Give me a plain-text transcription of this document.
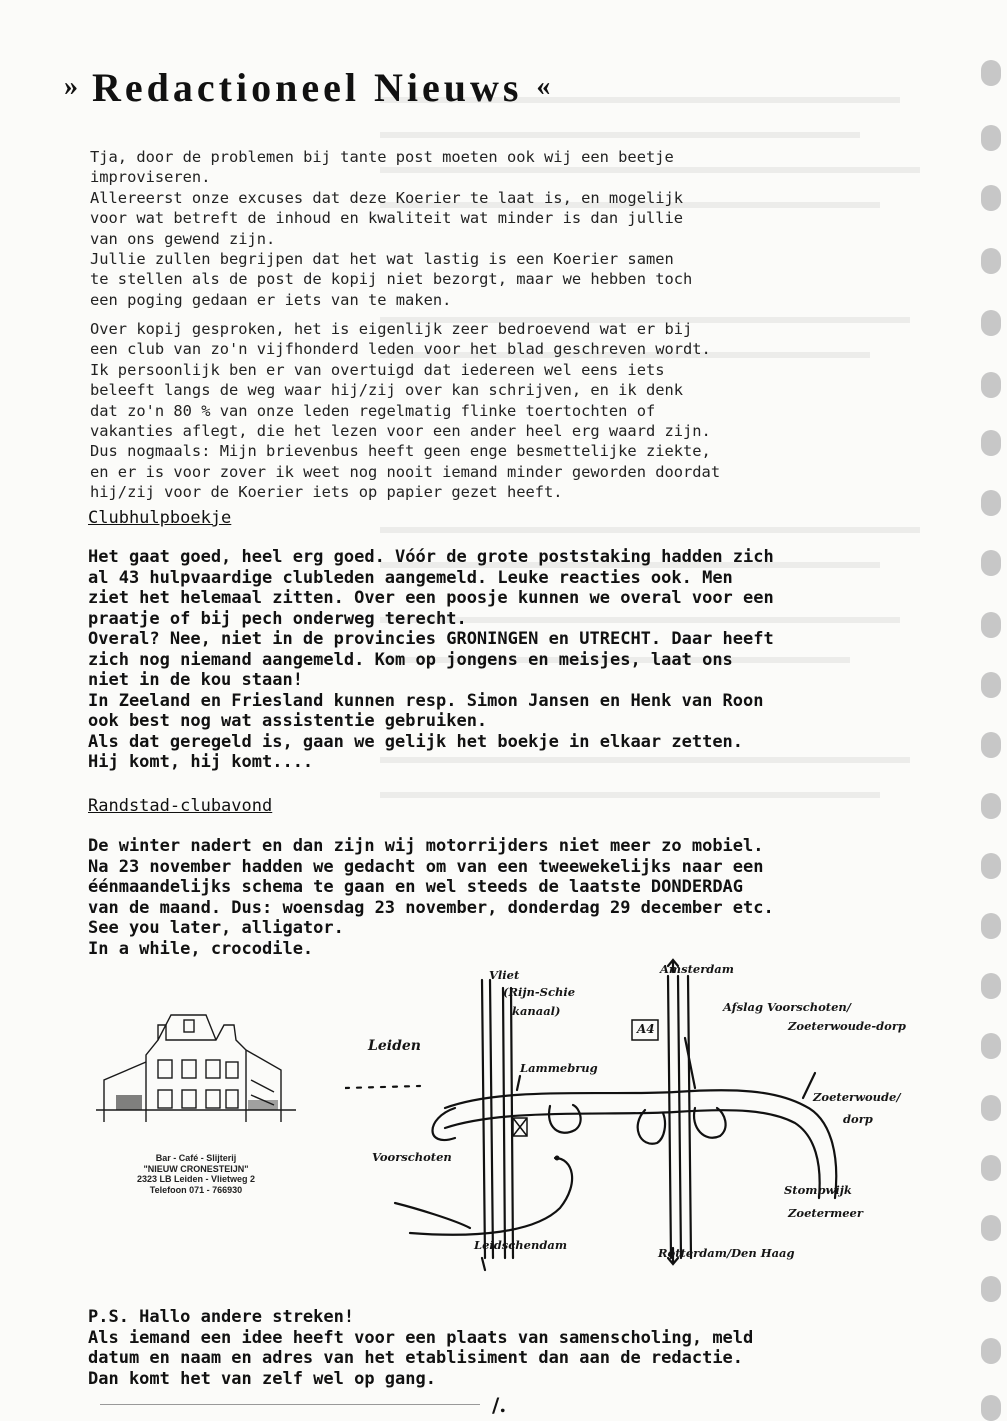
» Redactioneel Nieuws «
Tja, door de problemen bij tante post moeten ook wij een beetje
improviseren.
Allereerst onze excuses dat deze Koerier te laat is, en mogelijk
voor wat betreft de inhoud en kwaliteit wat minder is dan jullie
van ons gewend zijn.
Jullie zullen begrijpen dat het wat lastig is een Koerier samen
te stellen als de post de kopij niet bezorgt, maar we hebben toch
een poging gedaan er iets van te maken.
Over kopij gesproken, het is eigenlijk zeer bedroevend wat er bij
een club van zo'n vijfhonderd leden voor het blad geschreven wordt.
Ik persoonlijk ben er van overtuigd dat iedereen wel eens iets
beleeft langs de weg waar hij/zij over kan schrijven, en ik denk
dat zo'n 80 % van onze leden regelmatig flinke toertochten of
vakanties aflegt, die het lezen voor een ander heel erg waard zijn.
Dus nogmaals: Mijn brievenbus heeft geen enge besmettelijke ziekte,
en er is voor zover ik weet nog nooit iemand minder geworden doordat
hij/zij voor de Koerier iets op papier gezet heeft.
Clubhulpboekje
Het gaat goed, heel erg goed. Vóór de grote poststaking hadden zich
al 43 hulpvaardige clubleden aangemeld. Leuke reacties ook. Men
ziet het helemaal zitten. Over een poosje kunnen we overal voor een
praatje of bij pech onderweg terecht.
Overal? Nee, niet in de provincies GRONINGEN en UTRECHT. Daar heeft
zich nog niemand aangemeld. Kom op jongens en meisjes, laat ons
niet in de kou staan!
In Zeeland en Friesland kunnen resp. Simon Jansen en Henk van Roon
ook best nog wat assistentie gebruiken.
Als dat geregeld is, gaan we gelijk het boekje in elkaar zetten.
Hij komt, hij komt....
Randstad-clubavond
De winter nadert en dan zijn wij motorrijders niet meer zo mobiel.
Na 23 november hadden we gedacht om van een tweewekelijks naar een
éénmaandelijks schema te gaan en wel steeds de laatste DONDERDAG
van de maand. Dus: woensdag 23 november, donderdag 29 december etc.
See you later, alligator.
In a while, crocodile.
Bar - Café - Slijterij
"NIEUW CRONESTEIJN"
2323 LB Leiden - Vlietweg 2
Telefoon 071 - 766930
Vliet
(Rijn-Schie
kanaal)
Amsterdam
Afslag Voorschoten/
Zoeterwoude-dorp
A4
Leiden
Lammebrug
Zoeterwoude/
dorp
Voorschoten
Stompwijk
Zoetermeer
Leidschendam
Rotterdam/Den Haag
P.S. Hallo andere streken!
Als iemand een idee heeft voor een plaats van samenscholing, meld
datum en naam en adres van het etablisiment dan aan de redactie.
Dan komt het van zelf wel op gang.
/.
